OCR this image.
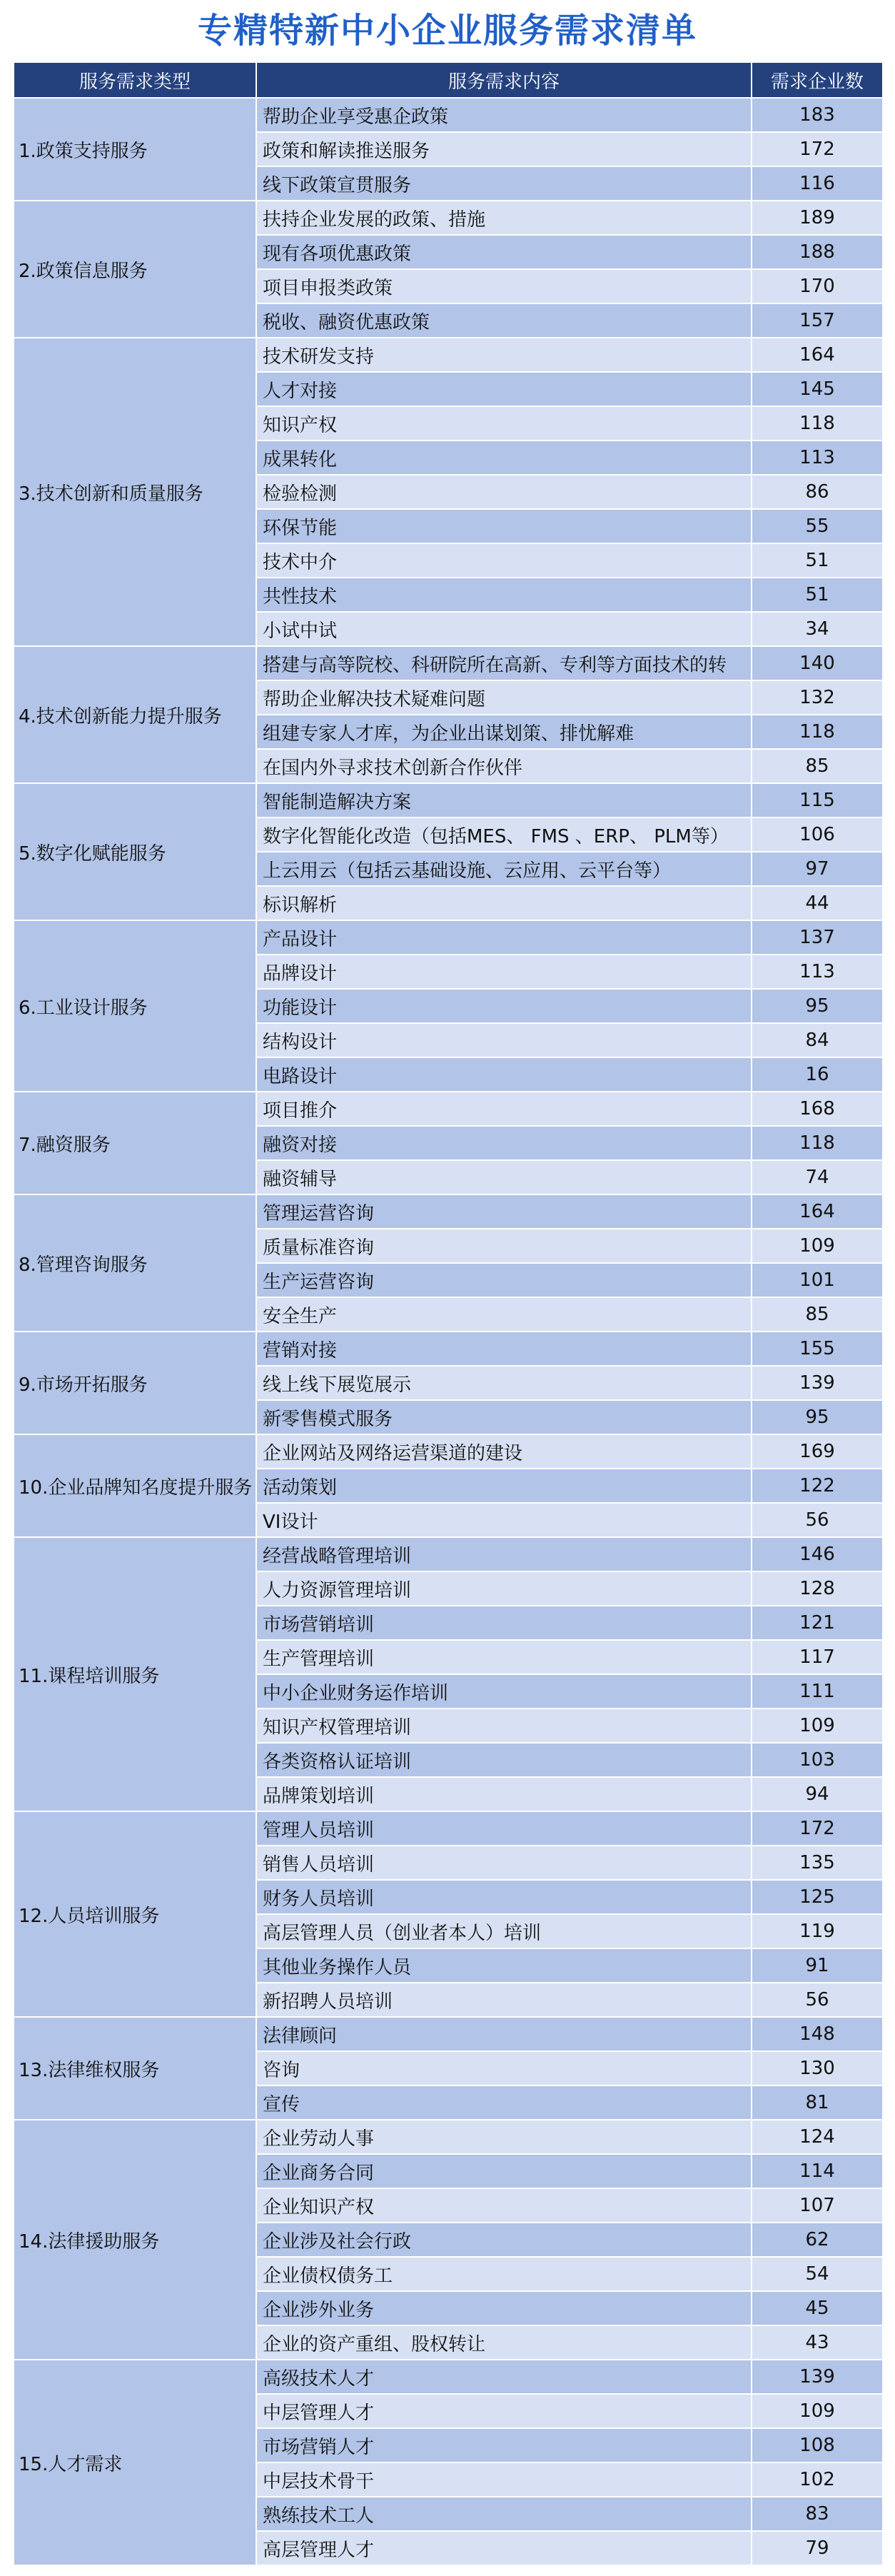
专精特新中小企业服务需求清单
服务需求类型	服务需求内容	需求企业数
1.政策支持服务	帮助企业享受惠企政策	183
	政策和解读推送服务	172
	线下政策宣贯服务	116
2.政策信息服务	扶持企业发展的政策、措施	189
	现有各项优惠政策	188
	项目申报类政策	170
	税收、融资优惠政策	157
3.技术创新和质量服务	技术研发支持	164
	人才对接	145
	知识产权	118
	成果转化	113
	检验检测	86
	环保节能	55
	技术中介	51
	共性技术	51
	小试中试	34
4.技术创新能力提升服务	搭建与高等院校、科研院所在高新、专利等方面技术的转	140
	帮助企业解决技术疑难问题	132
	组建专家人才库，为企业出谋划策、排忧解难	118
	在国内外寻求技术创新合作伙伴	85
5.数字化赋能服务	智能制造解决方案	115
	数字化智能化改造（包括MES、 FMS 、ERP、 PLM等）	106
	上云用云（包括云基础设施、云应用、云平台等）	97
	标识解析	44
6.工业设计服务	产品设计	137
	品牌设计	113
	功能设计	95
	结构设计	84
	电路设计	16
7.融资服务	项目推介	168
	融资对接	118
	融资辅导	74
8.管理咨询服务	管理运营咨询	164
	质量标准咨询	109
	生产运营咨询	101
	安全生产	85
9.市场开拓服务	营销对接	155
	线上线下展览展示	139
	新零售模式服务	95
10.企业品牌知名度提升服务	企业网站及网络运营渠道的建设	169
	活动策划	122
	VI设计	56
11.课程培训服务	经营战略管理培训	146
	人力资源管理培训	128
	市场营销培训	121
	生产管理培训	117
	中小企业财务运作培训	111
	知识产权管理培训	109
	各类资格认证培训	103
	品牌策划培训	94
12.人员培训服务	管理人员培训	172
	销售人员培训	135
	财务人员培训	125
	高层管理人员（创业者本人）培训	119
	其他业务操作人员	91
	新招聘人员培训	56
13.法律维权服务	法律顾问	148
	咨询	130
	宣传	81
14.法律援助服务	企业劳动人事	124
	企业商务合同	114
	企业知识产权	107
	企业涉及社会行政	62
	企业债权债务工	54
	企业涉外业务	45
	企业的资产重组、股权转让	43
15.人才需求	高级技术人才	139
	中层管理人才	109
	市场营销人才	108
	中层技术骨干	102
	熟练技术工人	83
	高层管理人才	79
